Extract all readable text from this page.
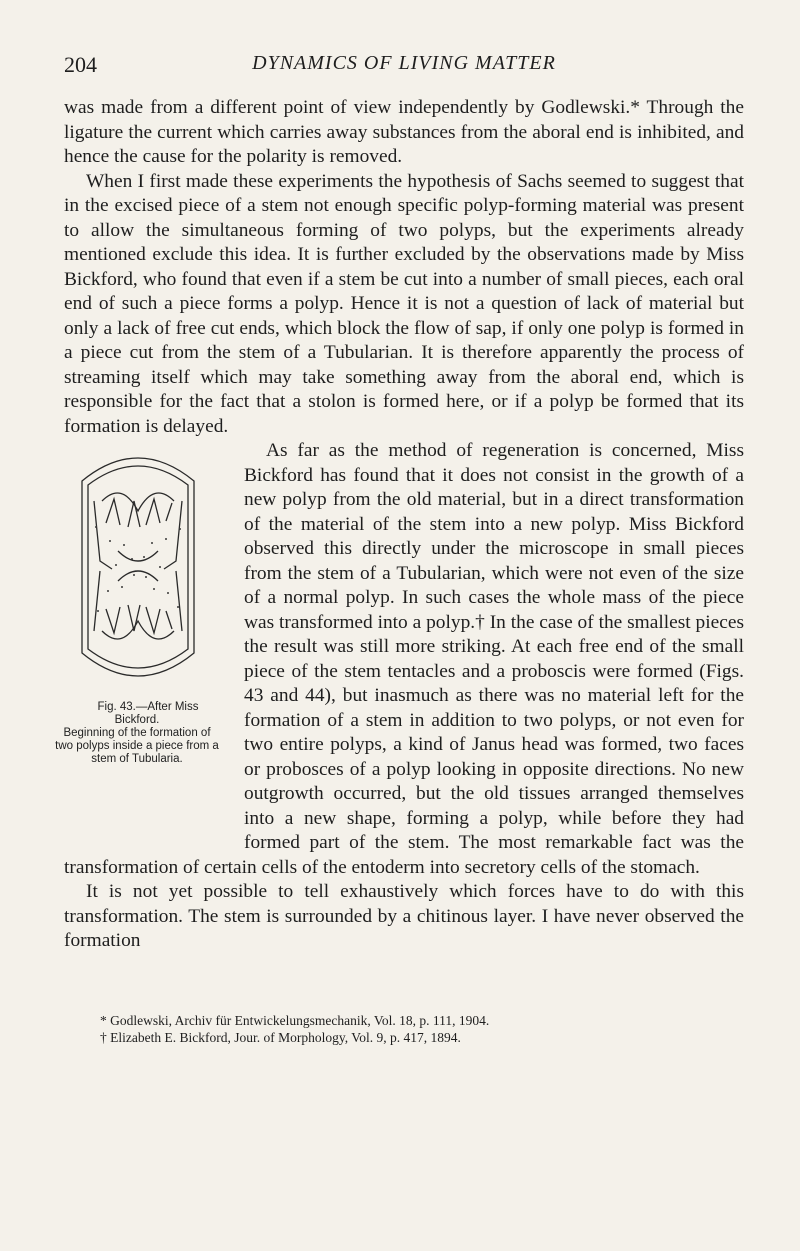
204	DYNAMICS OF LIVING MATTER

was made from a different point of view independently by Godlewski.* Through the ligature the current which carries away substances from the aboral end is inhibited, and hence the cause for the polarity is removed.

When I first made these experiments the hypothesis of Sachs seemed to suggest that in the excised piece of a stem not enough specific polyp-forming material was present to allow the simultaneous forming of two polyps, but the experiments already mentioned exclude this idea. It is further excluded by the observations made by Miss Bickford, who found that even if a stem be cut into a number of small pieces, each oral end of such a piece forms a polyp. Hence it is not a question of lack of material but only a lack of free cut ends, which block the flow of sap, if only one polyp is formed in a piece cut from the stem of a Tubularian. It is therefore apparently the process of streaming itself which may take something away from the aboral end, which is responsible for the fact that a stolon is formed here, or if a polyp be formed that its formation is delayed.

Fig. 43.—After Miss Bickford.
Beginning of the formation of two polyps inside a piece from a stem of Tubularia.
As far as the method of regeneration is concerned, Miss Bickford has found that it does not consist in the growth of a new polyp from the old material, but in a direct transformation of the material of the stem into a new polyp. Miss Bickford observed this directly under the microscope in small pieces from the stem of a Tubularian, which were not even of the size of a normal polyp. In such cases the whole mass of the piece was transformed into a polyp.† In the case of the smallest pieces the result was still more striking. At each free end of the small piece of the stem tentacles and a proboscis were formed (Figs. 43 and 44), but inasmuch as there was no material left for the formation of a stem in addition to two polyps, or not even for two entire polyps, a kind of Janus head was formed, two faces or probosces of a polyp looking in opposite directions. No new outgrowth occurred, but the old tissues arranged themselves into a new shape, forming a polyp, while before they had formed part of the stem. The most remarkable fact was the transformation of certain cells of the entoderm into secretory cells of the stomach.

It is not yet possible to tell exhaustively which forces have to do with this transformation. The stem is surrounded by a chitinous layer. I have never observed the formation

* Godlewski, Archiv für Entwickelungsmechanik, Vol. 18, p. 111, 1904.
† Elizabeth E. Bickford, Jour. of Morphology, Vol. 9, p. 417, 1894.
